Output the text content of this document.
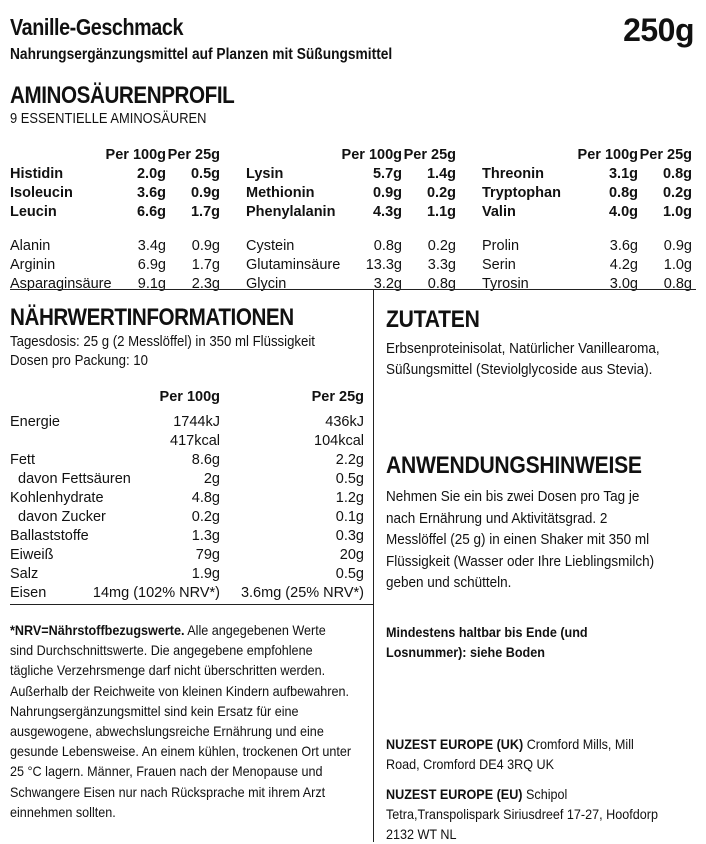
Vanille-Geschmack	250g
Nahrungsergänzungsmittel auf Planzen mit Süßungsmittel
AMINOSÄURENPROFIL
9 ESSENTIELLE AMINOSÄUREN
Per 100g Per 25g
Histidin	2.0g 0.5g
Isoleucin	3.6g 0.9g
Leucin	6.6g 1.7g
Alanin	3.4g 0.9g
Arginin	6.9g 1.7g
Asparaginsäure 9.1g 2.3g
Per 100g Per 25g
Lysin	5.7g 1.4g
Methionin	0.9g 0.2g
Phenylalanin	4.3g 1.1g
Cystein	0.8g 0.2g
Glutaminsäure 13.3g 3.3g
Glycin	3.2g 0.8g
Per 100g Per 25g
Threonin	3.1g 0.8g
Tryptophan	0.8g 0.2g
Valin	4.0g 1.0g
Prolin	3.6g 0.9g
Serin	4.2g 1.0g
Tyrosin	3.0g 0.8g
NÄHRWERTINFORMATIONEN
Tagesdosis: 25 g (2 Messlöffel) in 350 ml Flüssigkeit
Dosen pro Packung: 10
Per 100g	Per 25g
Energie	1744kJ	436kJ
417kcal	104kcal
Fett	8.6g	2.2g
davon Fettsäuren	2g	0.5g
Kohlenhydrate	4.8g	1.2g
davon Zucker	0.2g	0.1g
Ballaststoffe	1.3g	0.3g
Eiweiß	79g	20g
Salz	1.9g	0.5g
Eisen	14mg (102% NRV*) 3.6mg (25% NRV*)

*NRV=Nährstoffbezugswerte. Alle angegebenen Werte sind Durchschnittswerte. Die angegebene empfohlene tägliche Verzehrsmenge darf nicht überschritten werden. Außerhalb der Reichweite von kleinen Kindern aufbewahren. Nahrungsergänzungsmittel sind kein Ersatz für eine ausgewogene, abwechslungsreiche Ernährung und eine gesunde Lebensweise. An einem kühlen, trockenen Ort unter 25 °C lagern. Männer, Frauen nach der Menopause und Schwangere Eisen nur nach Rücksprache mit ihrem Arzt einnehmen sollten.

ZUTATEN
Erbsenproteinisolat, Natürlicher Vanillearoma, Süßungsmittel (Steviolglycoside aus Stevia).
ANWENDUNGSHINWEISE
Nehmen Sie ein bis zwei Dosen pro Tag je nach Ernährung und Aktivitätsgrad. 2 Messlöffel (25 g) in einen Shaker mit 350 ml Flüssigkeit (Wasser oder Ihre Lieblingsmilch) geben und schütteln.
Mindestens haltbar bis Ende (und Losnummer): siehe Boden
NUZEST EUROPE (UK) Cromford Mills, Mill Road, Cromford DE4 3RQ UK
NUZEST EUROPE (EU) Schipol Tetra,Transpolispark Siriusdreef 17-27, Hoofdorp 2132 WT NL
